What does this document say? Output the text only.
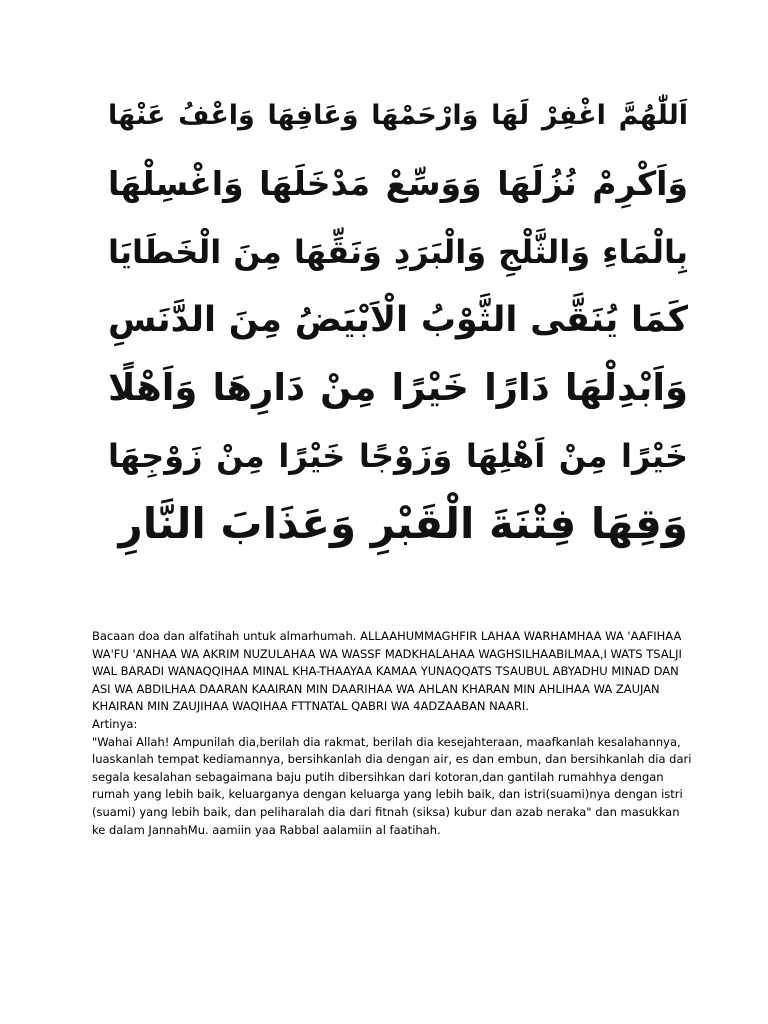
اَللّٰهُمَّ اغْفِرْ لَهَا وَارْحَمْهَا وَعَافِهَا وَاعْفُ عَنْهَا
وَاَكْرِمْ نُزُلَهَا وَوَسِّعْ مَدْخَلَهَا وَاغْسِلْهَا
بِالْمَاءِ وَالثَّلْجِ وَالْبَرَدِ وَنَقِّهَا مِنَ الْخَطَايَا
كَمَا يُنَقَّى الثَّوْبُ الْاَبْيَضُ مِنَ الدَّنَسِ
وَاَبْدِلْهَا دَارًا خَيْرًا مِنْ دَارِهَا وَاَهْلًا
خَيْرًا مِنْ اَهْلِهَا وَزَوْجًا خَيْرًا مِنْ زَوْجِهَا
وَقِهَا فِتْنَةَ الْقَبْرِ وَعَذَابَ النَّارِ

Bacaan doa dan alfatihah untuk almarhumah. ALLAAHUMMAGHFIR LAHAA WARHAMHAA WA 'AAFIHAA WA'FU 'ANHAA WA AKRIM NUZULAHAA WA WASSF MADKHALAHAA WAGHSILHAABILMAA,I WATS TSALJI WAL BARADI WANAQQIHAA MINAL KHA-THAAYAA KAMAA YUNAQQATS TSAUBUL ABYADHU MINAD DAN ASI WA ABDILHAA DAARAN KAAIRAN MIN DAARIHAA WA AHLAN KHARAN MIN AHLIHAA WA ZAUJAN KHAIRAN MIN ZAUJIHAA WAQIHAA FTTNATAL QABRI WA 4ADZAABAN NAARI.

Artinya:

"Wahai Allah! Ampunilah dia,berilah dia rakmat, berilah dia kesejahteraan, maafkanlah kesalahannya, luaskanlah tempat kediamannya, bersihkanlah dia dengan air, es dan embun, dan bersihkanlah dia dari segala kesalahan sebagaimana baju putih dibersihkan dari kotoran,dan gantilah rumahhya dengan rumah yang lebih baik, keluarganya dengan keluarga yang lebih baik, dan istri(suami)nya dengan istri (suami) yang lebih baik, dan peliharalah dia dari fitnah (siksa) kubur dan azab neraka" dan masukkan ke dalam JannahMu. aamiin yaa Rabbal aalamiin al faatihah.
